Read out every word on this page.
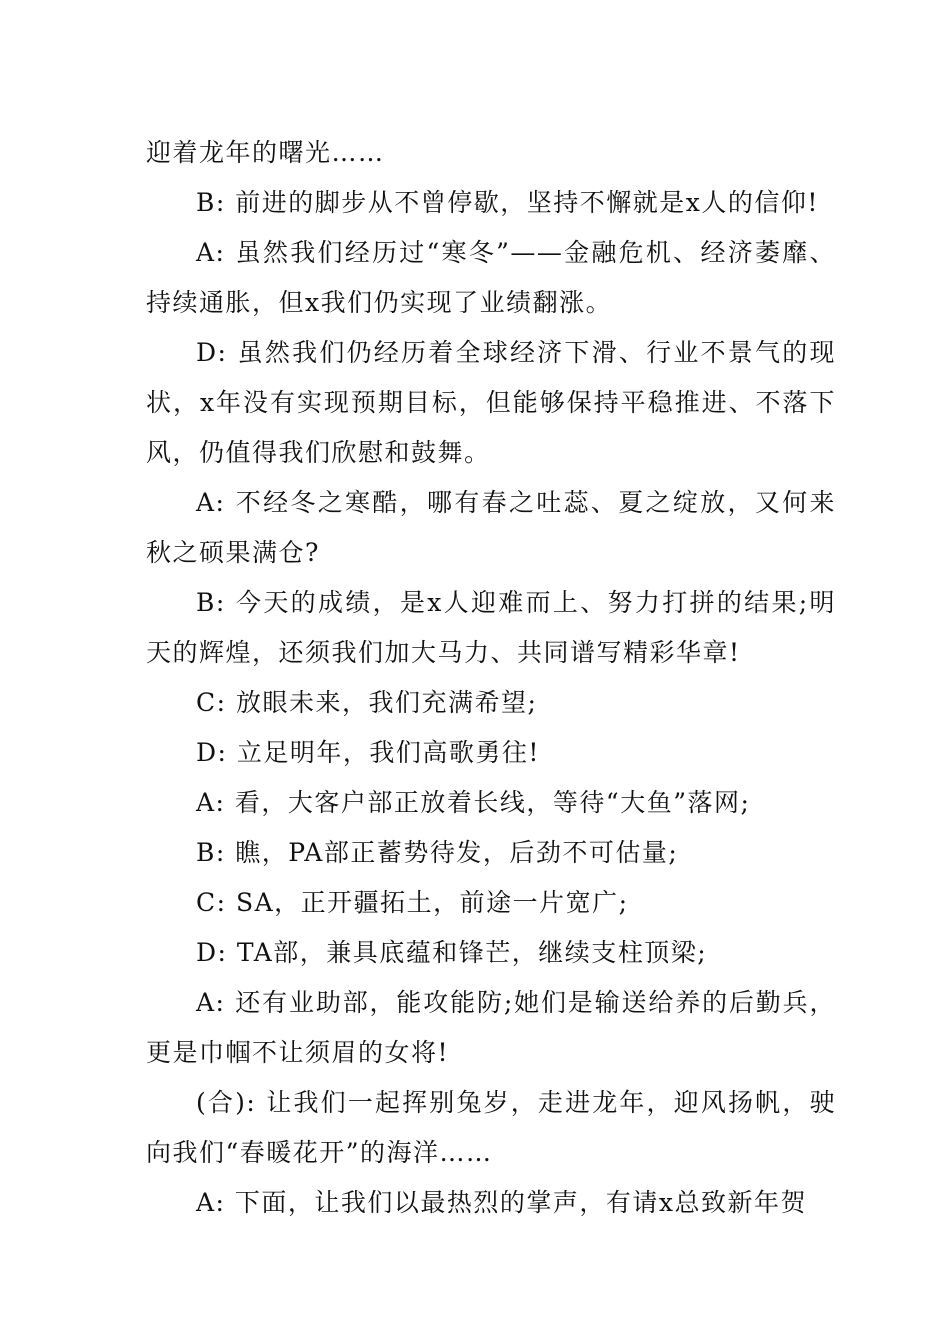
迎着龙年的曙光……

B: 前进的脚步从不曾停歇，坚持不懈就是x人的信仰!

A: 虽然我们经历过“寒冬”——金融危机、经济萎靡、持续通胀，但x我们仍实现了业绩翻涨。

D: 虽然我们仍经历着全球经济下滑、行业不景气的现状，x年没有实现预期目标，但能够保持平稳推进、不落下风，仍值得我们欣慰和鼓舞。

A: 不经冬之寒酷，哪有春之吐蕊、夏之绽放，又何来秋之硕果满仓?

B: 今天的成绩，是x人迎难而上、努力打拼的结果;明天的辉煌，还须我们加大马力、共同谱写精彩华章!

C: 放眼未来，我们充满希望;

D: 立足明年，我们高歌勇往!

A: 看，大客户部正放着长线，等待“大鱼”落网;

B: 瞧，PA部正蓄势待发，后劲不可估量;

C: SA，正开疆拓土，前途一片宽广;

D: TA部，兼具底蕴和锋芒，继续支柱顶梁;

A: 还有业助部，能攻能防;她们是输送给养的后勤兵，更是巾帼不让须眉的女将!

(合): 让我们一起挥别兔岁，走进龙年，迎风扬帆，驶向我们“春暖花开”的海洋……

A: 下面，让我们以最热烈的掌声，有请x总致新年贺
